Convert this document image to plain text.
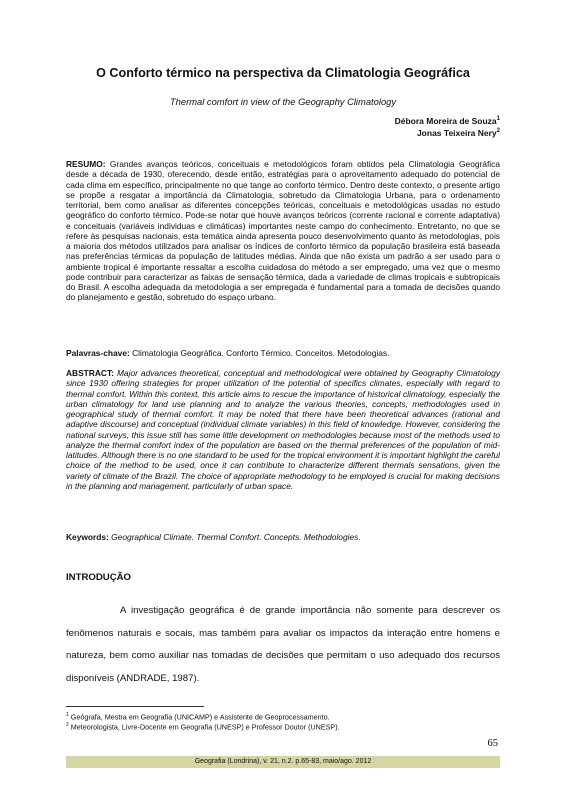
O Conforto térmico na perspectiva da Climatologia Geográfica
Thermal comfort in view of the Geography Climatology
Débora Moreira de Souza$^1$
Jonas Teixeira Nery$^2$
RESUMO: Grandes avanços teóricos, conceituais e metodológicos foram obtidos pela Climatologia Geográfica desde a década de 1930, oferecendo, desde então, estratégias para o aproveitamento adequado do potencial de cada clima em específico, principalmente no que tange ao conforto térmico. Dentro deste contexto, o presente artigo se propõe a resgatar a importância da Climatologia, sobretudo da Climatologia Urbana, para o ordenamento territorial, bem como analisar as diferentes concepções teóricas, conceituais e metodológicas usadas no estudo geográfico do conforto térmico. Pode-se notar que houve avanços teóricos (corrente racional e corrente adaptativa) e conceituais (variáveis individuas e climáticas) importantes neste campo do conhecimento. Entretanto, no que se refere às pesquisas nacionais, esta temática ainda apresenta pouco desenvolvimento quanto às metodologias, pois a maioria dos métodos utilizados para analisar os índices de conforto térmico da população brasileira está baseada nas preferências térmicas da população de latitudes médias. Ainda que não exista um padrão a ser usado para o ambiente tropical é importante ressaltar a escolha cuidadosa do método a ser empregado, uma vez que o mesmo pode contribuir para caracterizar as faixas de sensação térmica, dada a variedade de climas tropicais e subtropicais do Brasil. A escolha adequada da metodologia a ser empregada é fundamental para a tomada de decisões quando do planejamento e gestão, sobretudo do espaço urbano.
Palavras-chave: Climatologia Geográfica. Conforto Térmico. Conceitos. Metodologias.
ABSTRACT: Major advances theoretical, conceptual and methodological were obtained by Geography Climatology since 1930 offering strategies for proper utilization of the potential of specifics climates, especially with regard to thermal comfort. Within this context, this article aims to rescue the importance of historical climatology, especially the urban climatology for land use planning and to analyze the various theories, concepts, methodologies used in geographical study of thermal comfort. It may be noted that there have been theoretical advances (rational and adaptive discourse) and conceptual (individual climate variables) in this field of knowledge. However, considering the national surveys, this issue still has some little development on methodologies because most of the methods used to analyze the thermal comfort index of the population are based on the thermal preferences of the population of mid-latitudes. Although there is no one standard to be used for the tropical environment it is important highlight the careful choice of the method to be used, once it can contribute to characterize different thermals sensations, given the variety of climate of the Brazil. The choice of appropriate methodology to be employed is crucial for making decisions in the planning and management, particularly of urban space.
Keywords: Geographical Climate. Thermal Comfort. Concepts. Methodologies.
INTRODUÇÃO
A investigação geográfica é de grande importância não somente para descrever os fenômenos naturais e socais, mas também para avaliar os impactos da interação entre homens e natureza, bem como auxiliar nas tomadas de decisões que permitam o uso adequado dos recursos disponíveis (ANDRADE, 1987).
$^1$ Geógrafa, Mestra em Geografia (UNICAMP) e Assistente de Geoprocessamento.
$^2$ Meteorologista, Livre-Docente em Geografia (UNESP) e Professor Doutor (UNESP).
65
Geografia (Londrina), v. 21, n.2. p.65-83, maio/ago. 2012
